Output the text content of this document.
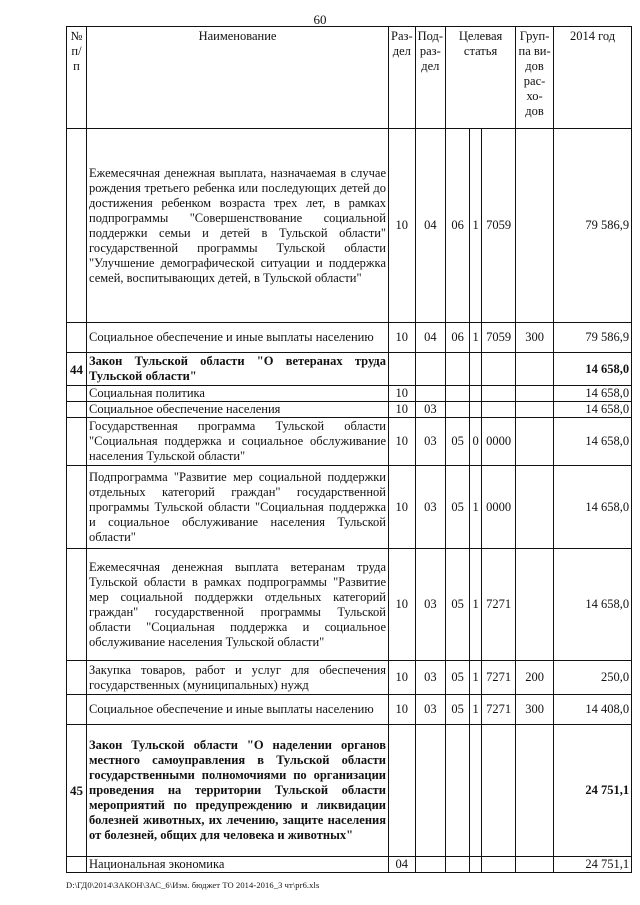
60
№ п/п	Наименование	Раз-дел	Под-раз-дел	Целевая статья			Груп-па ви-дов рас-хо-дов	2014 год
	Ежемесячная денежная выплата, назначаемая в случае рождения третьего ребенка или последующих детей до достижения ребенком возраста трех лет, в рамках подпрограммы "Совершенствование социальной поддержки семьи и детей в Тульской области" государственной программы Тульской области "Улучшение демографической ситуации и поддержка семей, воспитывающих детей, в Тульской области"	10	04	06	1	7059		79 586,9
	Социальное обеспечение и иные выплаты населению	10	04	06	1	7059	300	79 586,9
44	Закон Тульской области "О ветеранах труда Тульской области"							14 658,0
	Социальная политика	10						14 658,0
	Социальное обеспечение населения	10	03					14 658,0
	Государственная программа Тульской области "Социальная поддержка и социальное обслуживание населения Тульской области"	10	03	05	0	0000		14 658,0
	Подпрограмма "Развитие мер социальной поддержки отдельных категорий граждан" государственной программы Тульской области "Социальная поддержка и социальное обслуживание населения Тульской области"	10	03	05	1	0000		14 658,0
	Ежемесячная денежная выплата ветеранам труда Тульской области в рамках подпрограммы "Развитие мер социальной поддержки отдельных категорий граждан" государственной программы Тульской области "Социальная поддержка и социальное обслуживание населения Тульской области"	10	03	05	1	7271		14 658,0
	Закупка товаров, работ и услуг для обеспечения государственных (муниципальных) нужд	10	03	05	1	7271	200	250,0
	Социальное обеспечение и иные выплаты населению	10	03	05	1	7271	300	14 408,0
45	Закон Тульской области "О наделении органов местного самоуправления в Тульской области государственными полномочиями по организации проведения на территории Тульской области мероприятий по предупреждению и ликвидации болезней животных, их лечению, защите населения от болезней, общих для человека и животных"							24 751,1
	Национальная экономика	04						24 751,1
D:\ГД0\2014\ЗАКОН\ЗАС_6\Изм. бюджет ТО 2014-2016_3 чт\pr6.xls
